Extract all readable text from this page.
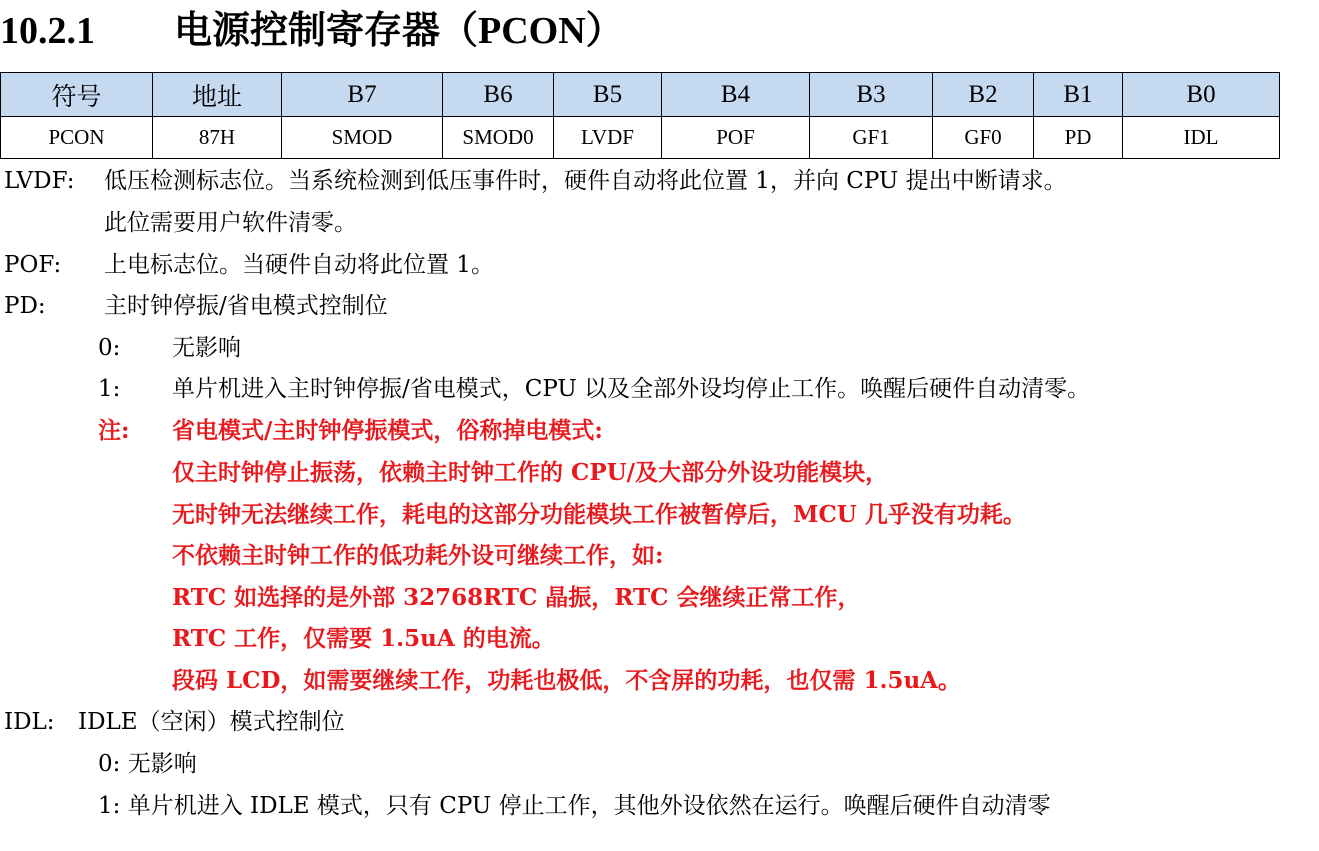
10.2.1 电源控制寄存器（PCON）
符号	地址	B7	B6	B5	B4	B3	B2	B1	B0
PCON	87H	SMOD	SMOD0	LVDF	POF	GF1	GF0	PD	IDL
LVDF: 低压检测标志位。当系统检测到低压事件时，硬件自动将此位置 1，并向 CPU 提出中断请求。
此位需要用户软件清零。
POF: 上电标志位。当硬件自动将此位置 1。
PD:	主时钟停振/省电模式控制位
0: 无影响
1: 单片机进入主时钟停振/省电模式，CPU 以及全部外设均停止工作。唤醒后硬件自动清零。
注: 省电模式/主时钟停振模式，俗称掉电模式:
仅主时钟停止振荡，依赖主时钟工作的 CPU/及大部分外设功能模块，
无时钟无法继续工作，耗电的这部分功能模块工作被暂停后，MCU 几乎没有功耗。
不依赖主时钟工作的低功耗外设可继续工作，如:
RTC 如选择的是外部 32768RTC 晶振，RTC 会继续正常工作，
RTC 工作，仅需要 1.5uA 的电流。
段码 LCD，如需要继续工作，功耗也极低，不含屏的功耗，也仅需 1.5uA。
IDL: IDLE（空闲）模式控制位
0: 无影响
1: 单片机进入 IDLE 模式，只有 CPU 停止工作，其他外设依然在运行。唤醒后硬件自动清零
